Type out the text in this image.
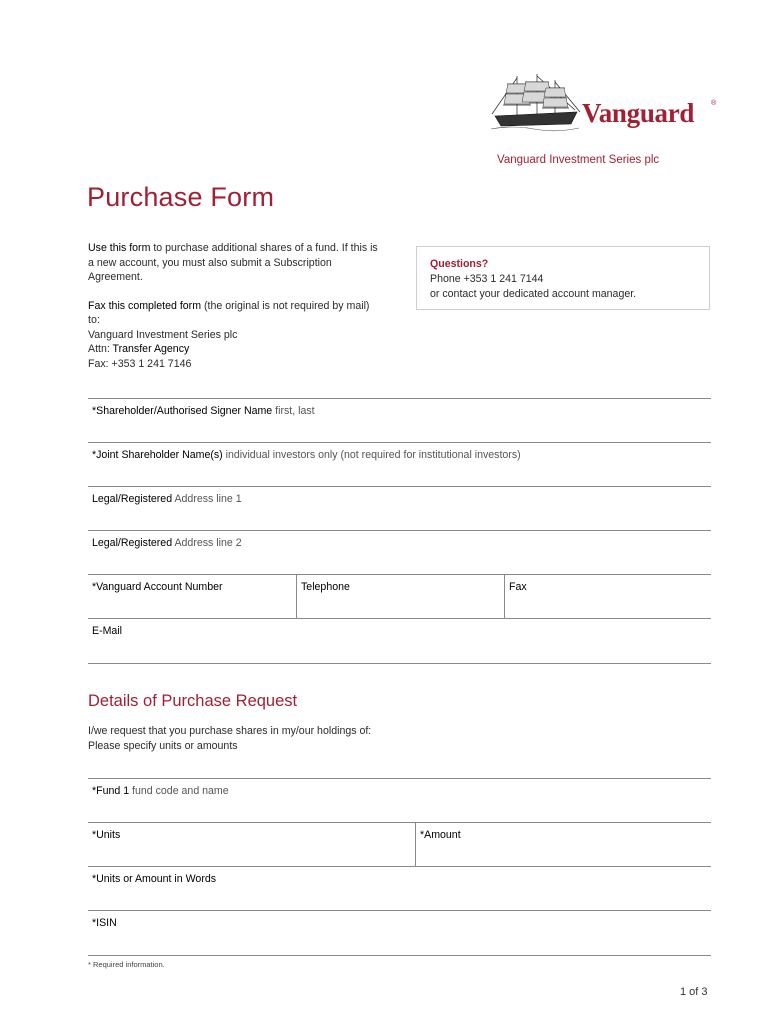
Vanguard ®
Vanguard Investment Series plc
Purchase Form

Use this form to purchase additional shares of a fund. If this is a new account, you must also submit a Subscription Agreement.

Fax this completed form (the original is not required by mail) to:

Vanguard Investment Series plc
Attn: Transfer Agency
Fax: +353 1 241 7146
Questions?
Phone +353 1 241 7144
or contact your dedicated account manager.
*Shareholder/Authorised Signer Name first, last
*Joint Shareholder Name(s) individual investors only (not required for institutional investors)
Legal/Registered Address line 1
Legal/Registered Address line 2
*Vanguard Account Number	Telephone	Fax
E-Mail
Details of Purchase Request
I/we request that you purchase shares in my/our holdings of:
Please specify units or amounts
*Fund 1 fund code and name
*Units	*Amount
*Units or Amount in Words
*ISIN
* Required information.
1 of 3
